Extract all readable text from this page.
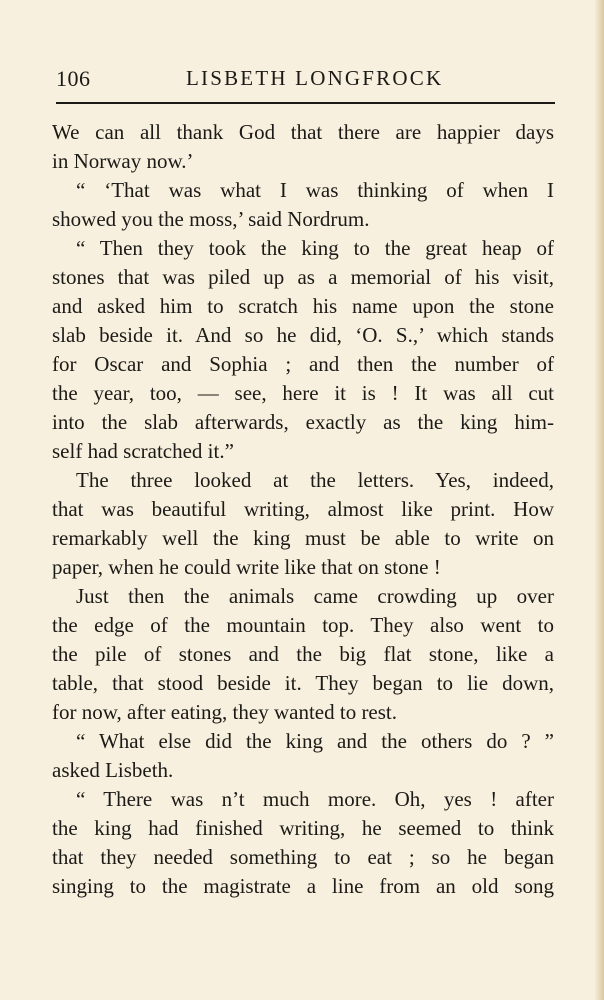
106	LISBETH LONGFROCK
We can all thank God that there are happier days
in Norway now.’
“ ‘That was what I was thinking of when I
showed you the moss,’ said Nordrum.
“ Then they took the king to the great heap of
stones that was piled up as a memorial of his visit,
and asked him to scratch his name upon the stone
slab beside it. And so he did, ‘O. S.,’ which stands
for Oscar and Sophia ; and then the number of
the year, too, — see, here it is ! It was all cut
into the slab afterwards, exactly as the king him-
self had scratched it.”
The three looked at the letters. Yes, indeed,
that was beautiful writing, almost like print. How
remarkably well the king must be able to write on
paper, when he could write like that on stone !
Just then the animals came crowding up over
the edge of the mountain top. They also went to
the pile of stones and the big flat stone, like a
table, that stood beside it. They began to lie down,
for now, after eating, they wanted to rest.
“ What else did the king and the others do ? ”
asked Lisbeth.
“ There was n’t much more. Oh, yes ! after
the king had finished writing, he seemed to think
that they needed something to eat ; so he began
singing to the magistrate a line from an old song
